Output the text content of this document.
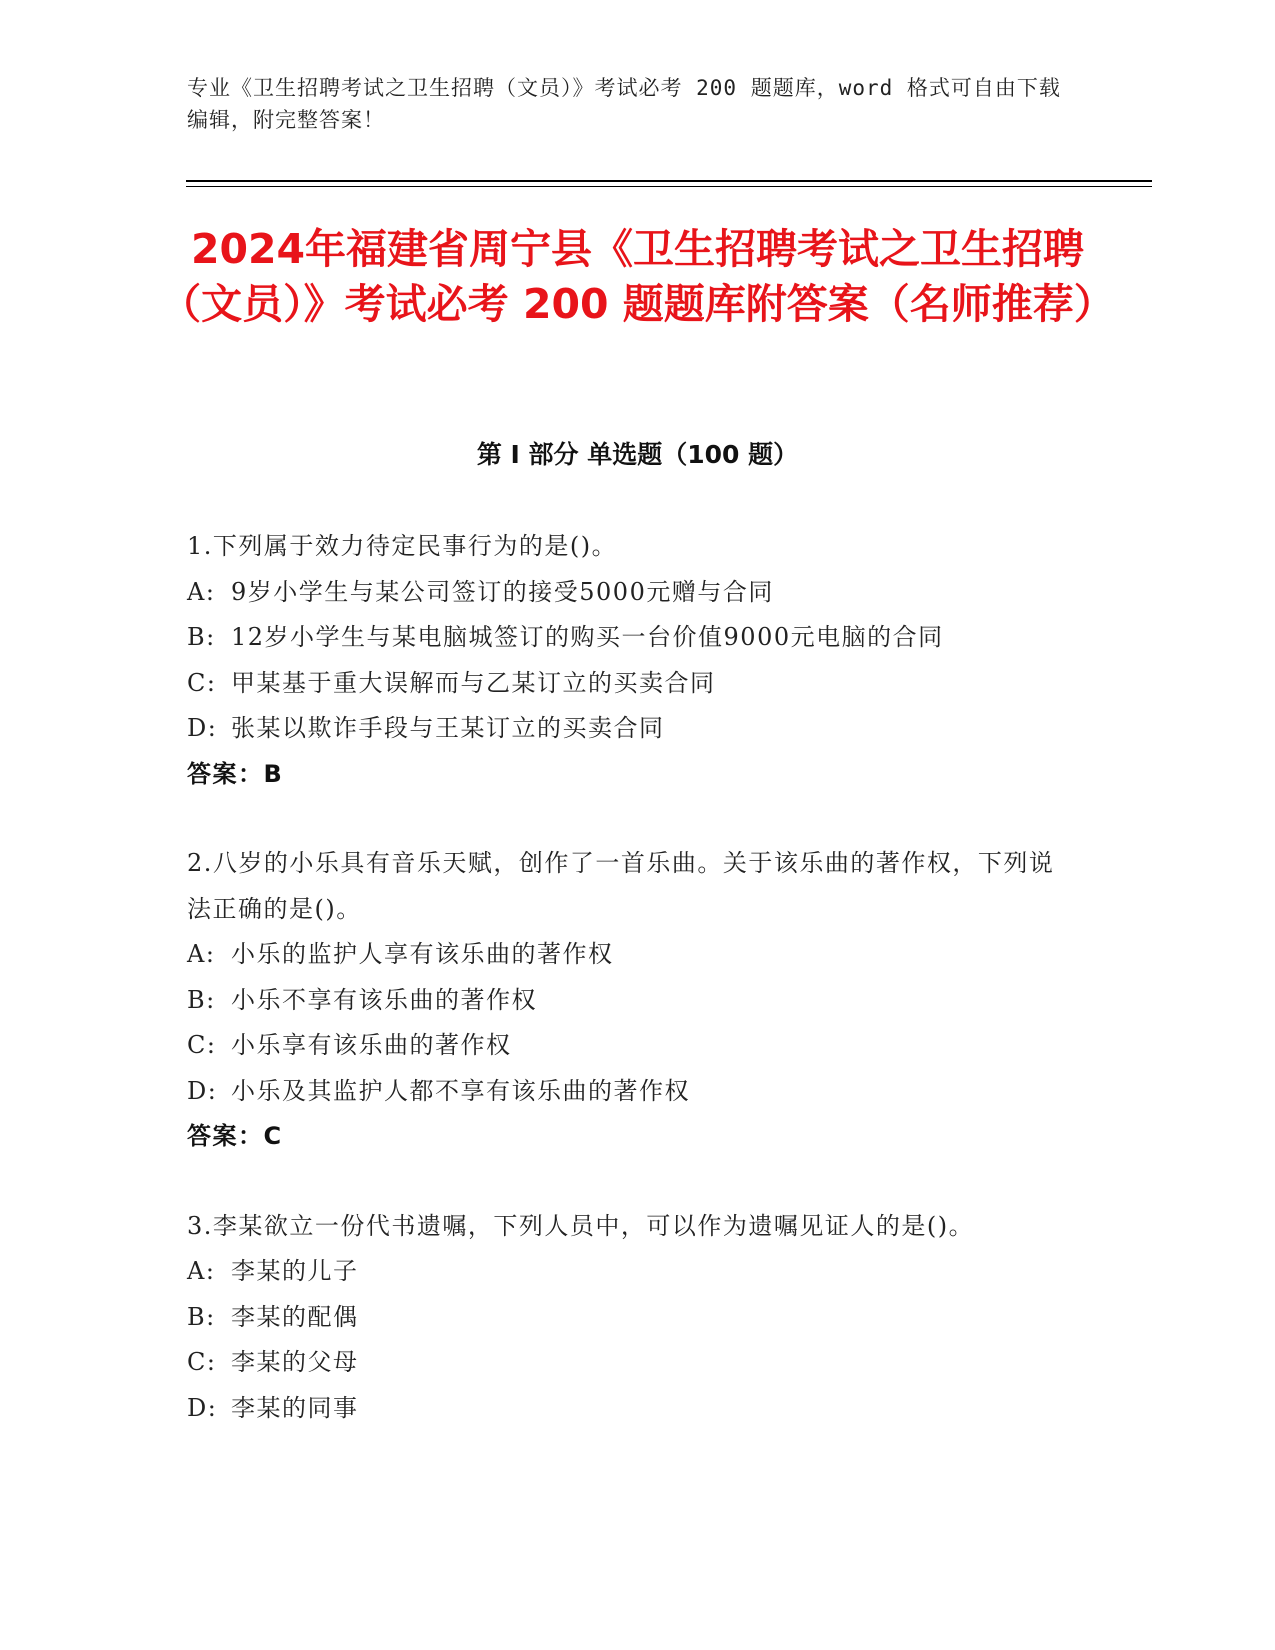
专业《卫生招聘考试之卫生招聘（文员）》考试必考 200 题题库，word 格式可自由下载编辑，附完整答案！
2024年福建省周宁县《卫生招聘考试之卫生招聘（文员）》考试必考 200 题题库附答案（名师推荐）
第 I 部分 单选题（100 题）
1.下列属于效力待定民事行为的是()。
A: 9岁小学生与某公司签订的接受5000元赠与合同
B: 12岁小学生与某电脑城签订的购买一台价值9000元电脑的合同
C: 甲某基于重大误解而与乙某订立的买卖合同
D: 张某以欺诈手段与王某订立的买卖合同
答案：B
2.八岁的小乐具有音乐天赋，创作了一首乐曲。关于该乐曲的著作权，下列说法正确的是()。
A: 小乐的监护人享有该乐曲的著作权
B: 小乐不享有该乐曲的著作权
C: 小乐享有该乐曲的著作权
D: 小乐及其监护人都不享有该乐曲的著作权
答案：C
3.李某欲立一份代书遗嘱，下列人员中，可以作为遗嘱见证人的是()。
A: 李某的儿子
B: 李某的配偶
C: 李某的父母
D: 李某的同事
